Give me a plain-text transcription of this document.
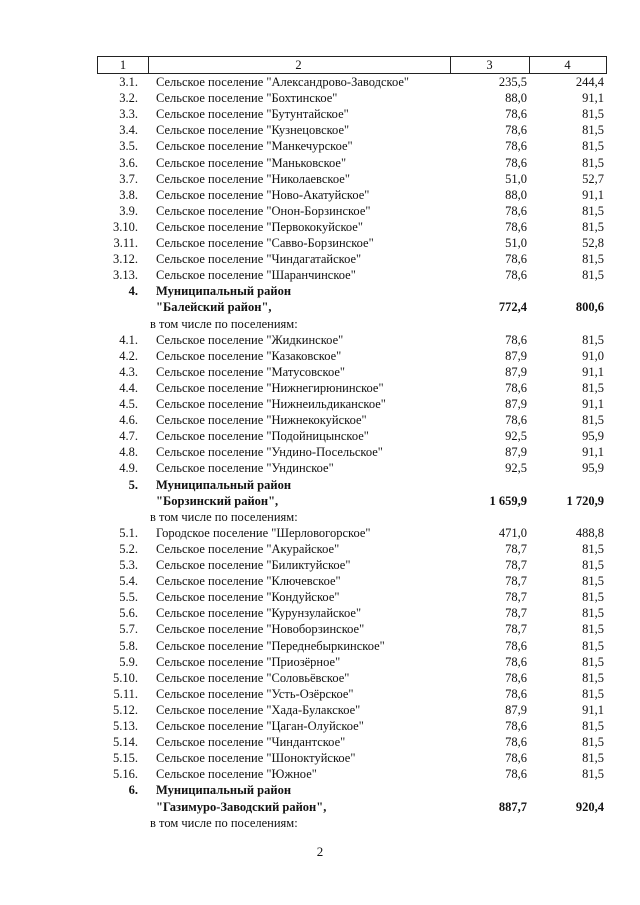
1	2	3	4
3.1. Сельское поселение "Александрово-Заводское"	235,5	244,4
3.2. Сельское поселение "Бохтинское"	88,0	91,1
3.3. Сельское поселение "Бутунтайское"	78,6	81,5
3.4. Сельское поселение "Кузнецовское"	78,6	81,5
3.5. Сельское поселение "Манкечурское"	78,6	81,5
3.6. Сельское поселение "Маньковское"	78,6	81,5
3.7. Сельское поселение "Николаевское"	51,0	52,7
3.8. Сельское поселение "Ново-Акатуйское"	88,0	91,1
3.9. Сельское поселение "Онон-Борзинское"	78,6	81,5
3.10. Сельское поселение "Первококуйское"	78,6	81,5
3.11. Сельское поселение "Савво-Борзинское"	51,0	52,8
3.12. Сельское поселение "Чиндагатайское"	78,6	81,5
3.13. Сельское поселение "Шаранчинское"	78,6	81,5
4. Муниципальный район
"Балейский район",	772,4	800,6
в том числе по поселениям:
4.1. Сельское поселение "Жидкинское"	78,6	81,5
4.2. Сельское поселение "Казаковское"	87,9	91,0
4.3. Сельское поселение "Матусовское"	87,9	91,1
4.4. Сельское поселение "Нижнегирюнинское"	78,6	81,5
4.5. Сельское поселение "Нижнеильдиканское"	87,9	91,1
4.6. Сельское поселение "Нижнекокуйское"	78,6	81,5
4.7. Сельское поселение "Подойницынское"	92,5	95,9
4.8. Сельское поселение "Ундино-Посельское"	87,9	91,1
4.9. Сельское поселение "Ундинское"	92,5	95,9
5. Муниципальный район
"Борзинский район",	1 659,9	1 720,9
в том числе по поселениям:
5.1. Городское поселение "Шерловогорское"	471,0	488,8
5.2. Сельское поселение "Акурайское"	78,7	81,5
5.3. Сельское поселение "Биликтуйское"	78,7	81,5
5.4. Сельское поселение "Ключевское"	78,7	81,5
5.5. Сельское поселение "Кондуйское"	78,7	81,5
5.6. Сельское поселение "Курунзулайское"	78,7	81,5
5.7. Сельское поселение "Новоборзинское"	78,7	81,5
5.8. Сельское поселение "Переднебыркинское"	78,6	81,5
5.9. Сельское поселение "Приозёрное"	78,6	81,5
5.10. Сельское поселение "Соловьёвское"	78,6	81,5
5.11. Сельское поселение "Усть-Озёрское"	78,6	81,5
5.12. Сельское поселение "Хада-Булакское"	87,9	91,1
5.13. Сельское поселение "Цаган-Олуйское"	78,6	81,5
5.14. Сельское поселение "Чиндантское"	78,6	81,5
5.15. Сельское поселение "Шоноктуйское"	78,6	81,5
5.16. Сельское поселение "Южное"	78,6	81,5
6. Муниципальный район
"Газимуро-Заводский район",	887,7	920,4
в том числе по поселениям:
2
